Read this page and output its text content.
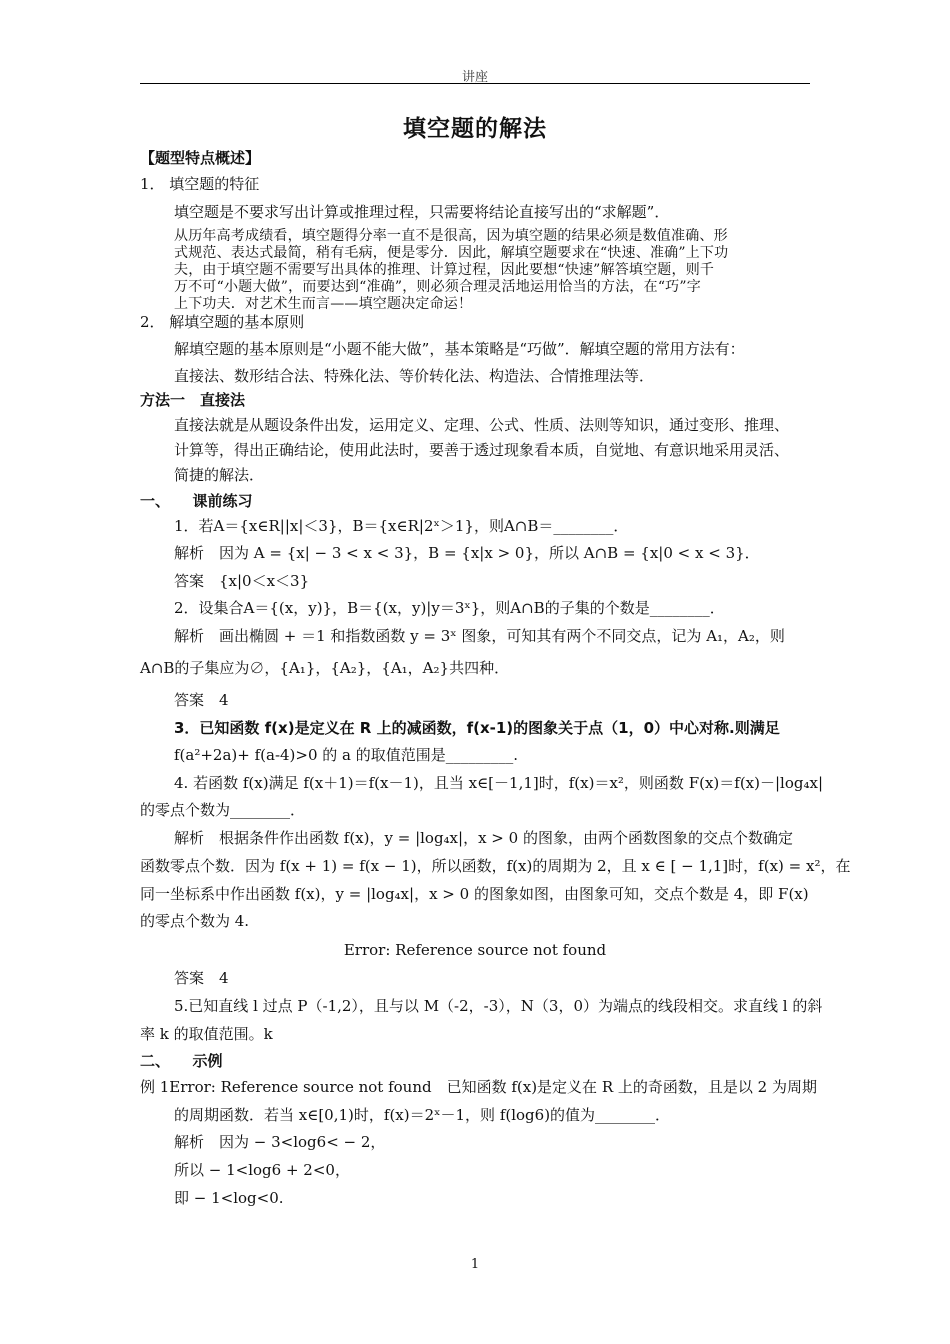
讲座
填空题的解法
【题型特点概述】
1． 填空题的特征
填空题是不要求写出计算或推理过程，只需要将结论直接写出的“求解题”．
从历年高考成绩看，填空题得分率一直不是很高，因为填空题的结果必须是数值准确、形
式规范、表达式最简，稍有毛病，便是零分．因此，解填空题要求在“快速、准确”上下功
夫，由于填空题不需要写出具体的推理、计算过程，因此要想“快速”解答填空题，则千
万不可“小题大做”，而要达到“准确”，则必须合理灵活地运用恰当的方法，在“巧”字
上下功夫．对艺术生而言——填空题决定命运！
2． 解填空题的基本原则
解填空题的基本原则是“小题不能大做”，基本策略是“巧做”．解填空题的常用方法有：
直接法、数形结合法、特殊化法、等价转化法、构造法、合情推理法等．
方法一　直接法
直接法就是从题设条件出发，运用定义、定理、公式、性质、法则等知识，通过变形、推理、
计算等，得出正确结论，使用此法时，要善于透过现象看本质，自觉地、有意识地采用灵活、
简捷的解法．
一、　　课前练习
1．若A＝{x∈R||x|＜3}，B＝{x∈R|2ˣ＞1}，则A∩B＝________．
解析　因为 A = {x| − 3 < x < 3}，B = {x|x > 0}，所以 A∩B = {x|0 < x < 3}．
答案　{x|0＜x＜3}
2．设集合A＝{(x，y)}，B＝{(x，y)|y＝3ˣ}，则A∩B的子集的个数是________．
解析　画出椭圆 + ＝1 和指数函数 y = 3ˣ 图象，可知其有两个不同交点，记为 A₁，A₂，则
A∩B的子集应为∅，{A₁}，{A₂}，{A₁，A₂}共四种．
答案　4
3．已知函数 f(x)是定义在 R 上的减函数，f(x-1)的图象关于点（1，0）中心对称.则满足
f(a²+2a)+ f(a-4)>0 的 a 的取值范围是_________.
4. 若函数 f(x)满足 f(x＋1)＝f(x－1)，且当 x∈[－1,1]时，f(x)＝x²，则函数 F(x)＝f(x)－|log₄x|
的零点个数为________．
解析　根据条件作出函数 f(x)，y = |log₄x|，x > 0 的图象，由两个函数图象的交点个数确定
函数零点个数．因为 f(x + 1) = f(x − 1)，所以函数，f(x)的周期为 2，且 x ∈ [ − 1,1]时，f(x) = x²，在
同一坐标系中作出函数 f(x)，y = |log₄x|，x > 0 的图象如图，由图象可知，交点个数是 4，即 F(x)
的零点个数为 4.
Error: Reference source not found
答案　4
5.已知直线 l 过点 P（-1,2），且与以 M（-2，-3），N（3，0）为端点的线段相交。求直线 l 的斜
率 k 的取值范围。k
二、　　示例
例 1Error: Reference source not found　已知函数 f(x)是定义在 R 上的奇函数，且是以 2 为周期
的周期函数．若当 x∈[0,1)时，f(x)＝2ˣ－1，则 f(log6)的值为________．
解析　因为 − 3<log6< − 2，
所以 − 1<log6 + 2<0，
即 − 1<log<0.
1
